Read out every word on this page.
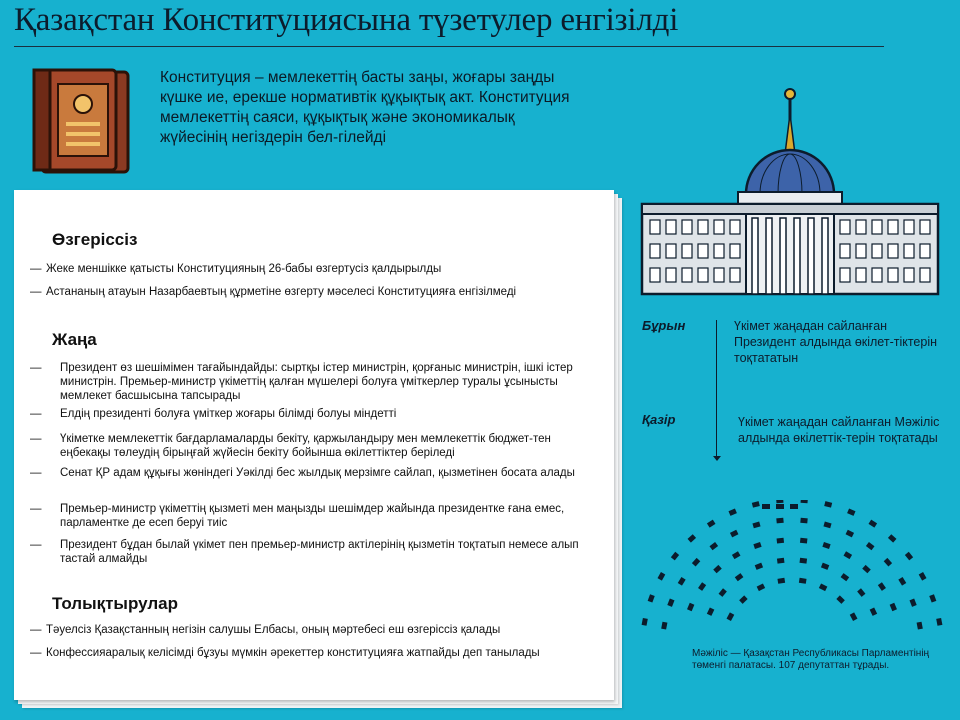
Қазақстан Конституциясына түзетулер енгізілді
Конституция – мемлекеттің басты заңы, жоғары заңды күшке ие, ерекше нормативтік құқықтық акт. Конституция мемлекеттің саяси, құқықтық және экономикалық жүйесінің негіздерін бел-гілейді
Өзгеріссіз
— Жеке меншікке қатысты Конституцияның 26-бабы өзгертусіз қалдырылды
— Астананың атауын Назарбаевтың құрметіне өзгерту мәселесі Конституцияға енгізілмеді
Жаңа
— Президент өз шешімімен тағайындайды: сыртқы істер министрін, қорғаныс министрін, ішкі істер министрін. Премьер-министр үкіметтің қалған мүшелері болуға үміткерлер туралы ұсынысты мемлекет басшысына тапсырады
— Елдің президенті болуға үміткер жоғары білімді болуы міндетті
— Үкіметке мемлекеттік бағдарламаларды бекіту, қаржыландыру мен мемлекеттік бюджет-тен еңбекақы төлеудің бірыңғай жүйесін бекіту бойынша өкілеттіктер беріледі
— Сенат ҚР адам құқығы жөніндегі Уәкілді бес жылдық мерзімге сайлап, қызметінен босата алады
— Премьер-министр үкіметтің қызметі мен маңызды шешімдер жайында президентке ғана емес, парламентке де есеп беруі тиіс
— Президент бұдан былай үкімет пен премьер-министр актілерінің қызметін тоқтатып немесе алып тастай алмайды
Толықтырулар
— Тәуелсіз Қазақстанның негізін салушы Елбасы, оның мәртебесі еш өзгеріссіз қалады
— Конфессияаралық келісімді бұзуы мүмкін әрекеттер конституцияға жатпайды деп танылады
Бұрын	Үкімет жаңадан сайланған Президент алдында өкілет-тіктерін тоқтататын
Қазір	Үкімет жаңадан сайланған Мәжіліс алдында өкілеттік-терін тоқтатады
Мәжіліс — Қазақстан Республикасы Парламентінің төменгі палатасы. 107 депутаттан тұрады.
